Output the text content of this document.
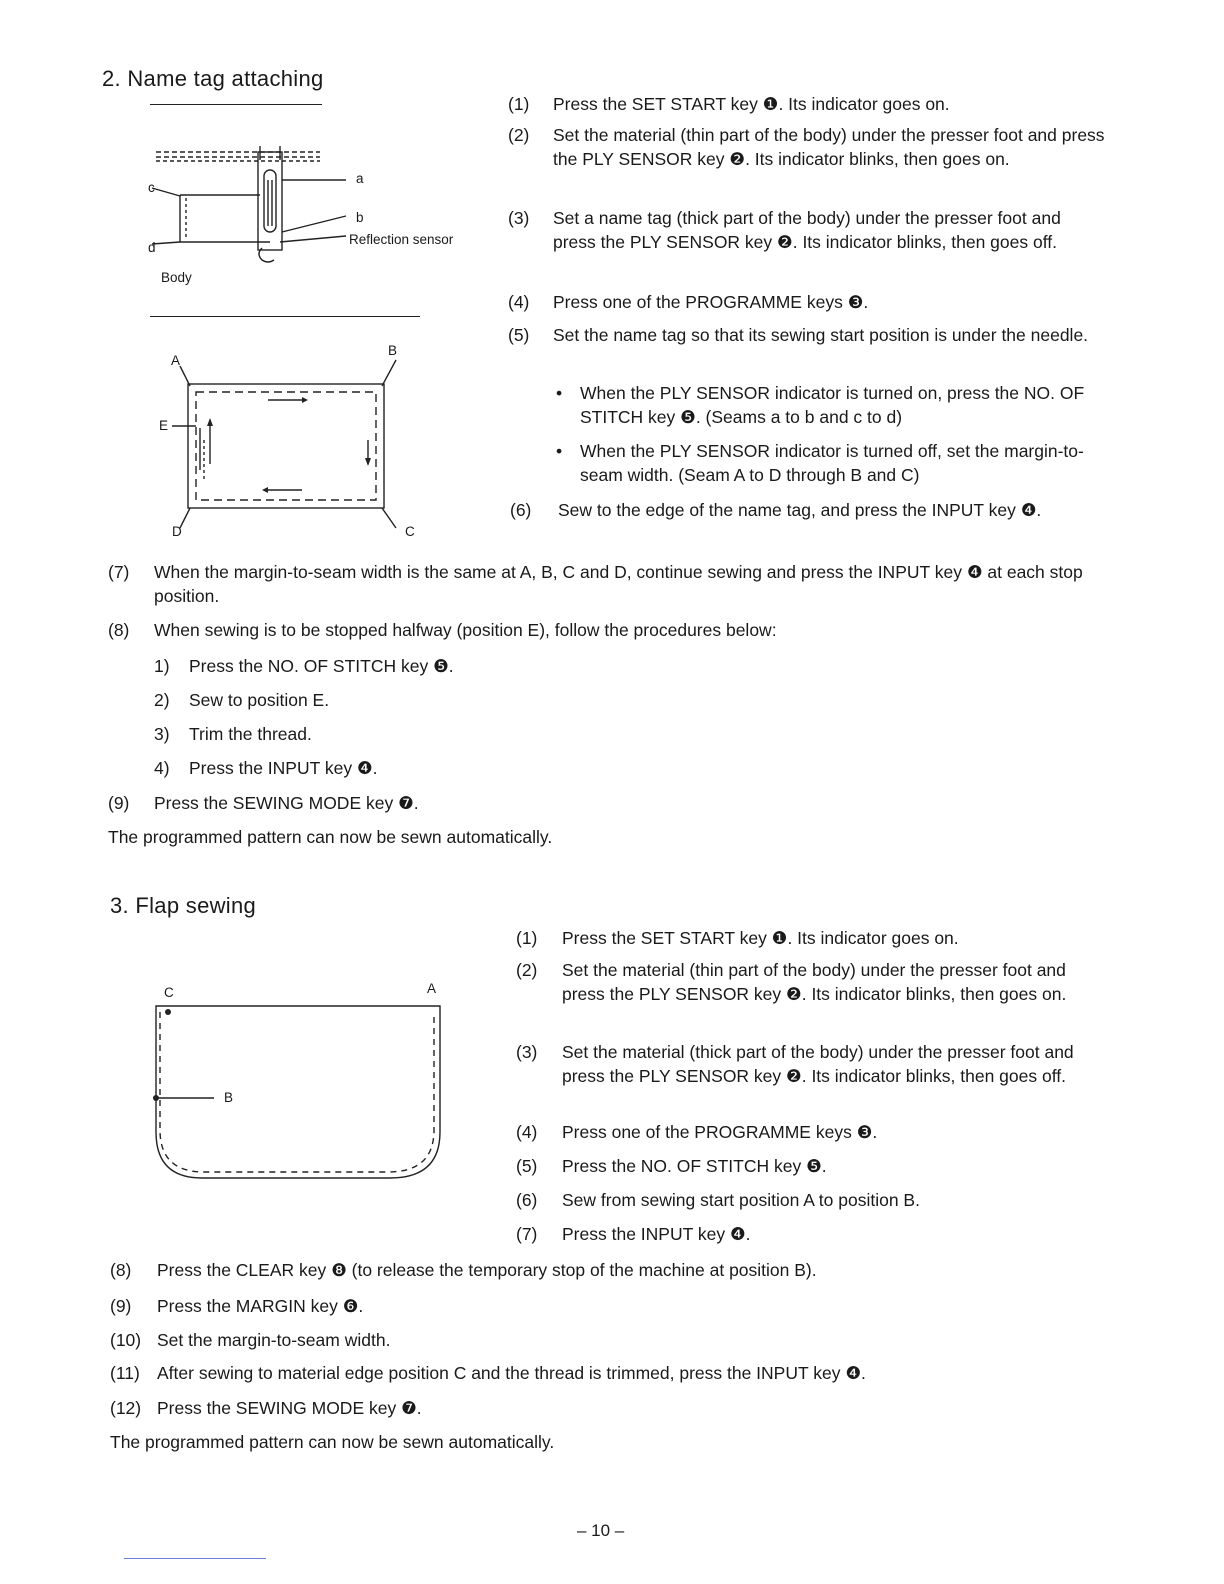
2. Name tag attaching
a
b
c
d
Reflection sensor
Body
A
B
C
D
E
(1) Press the SET START key ❶. Its indicator goes on.
(2) Set the material (thin part of the body) under the presser foot and press the PLY SENSOR key ❷. Its indicator blinks, then goes on.
(3) Set a name tag (thick part of the body) under the presser foot and press the PLY SENSOR key ❷. Its indicator blinks, then goes off.
(4) Press one of the PROGRAMME keys ❸.
(5) Set the name tag so that its sewing start position is under the needle.
• When the PLY SENSOR indicator is turned on, press the NO. OF STITCH key ❺. (Seams a to b and c to d)
• When the PLY SENSOR indicator is turned off, set the margin-to-seam width. (Seam A to D through B and C)
(6) Sew to the edge of the name tag, and press the INPUT key ❹.
(7) When the margin-to-seam width is the same at A, B, C and D, continue sewing and press the INPUT key ❹ at each stop position.
(8) When sewing is to be stopped halfway (position E), follow the procedures below:
1) Press the NO. OF STITCH key ❺.
2) Sew to position E.
3) Trim the thread.
4) Press the INPUT key ❹.
(9) Press the SEWING MODE key ❼.
The programmed pattern can now be sewn automatically.
3. Flap sewing
C	A
B
(1) Press the SET START key ❶. Its indicator goes on.
(2) Set the material (thin part of the body) under the presser foot and press the PLY SENSOR key ❷. Its indicator blinks, then goes on.
(3) Set the material (thick part of the body) under the presser foot and press the PLY SENSOR key ❷. Its indicator blinks, then goes off.
(4) Press one of the PROGRAMME keys ❸.
(5) Press the NO. OF STITCH key ❺.
(6) Sew from sewing start position A to position B.
(7) Press the INPUT key ❹.
(8) Press the CLEAR key ❽ (to release the temporary stop of the machine at position B).
(9) Press the MARGIN key ❻.
(10) Set the margin-to-seam width.
(11) After sewing to material edge position C and the thread is trimmed, press the INPUT key ❹.
(12) Press the SEWING MODE key ❼.
The programmed pattern can now be sewn automatically.
– 10 –
